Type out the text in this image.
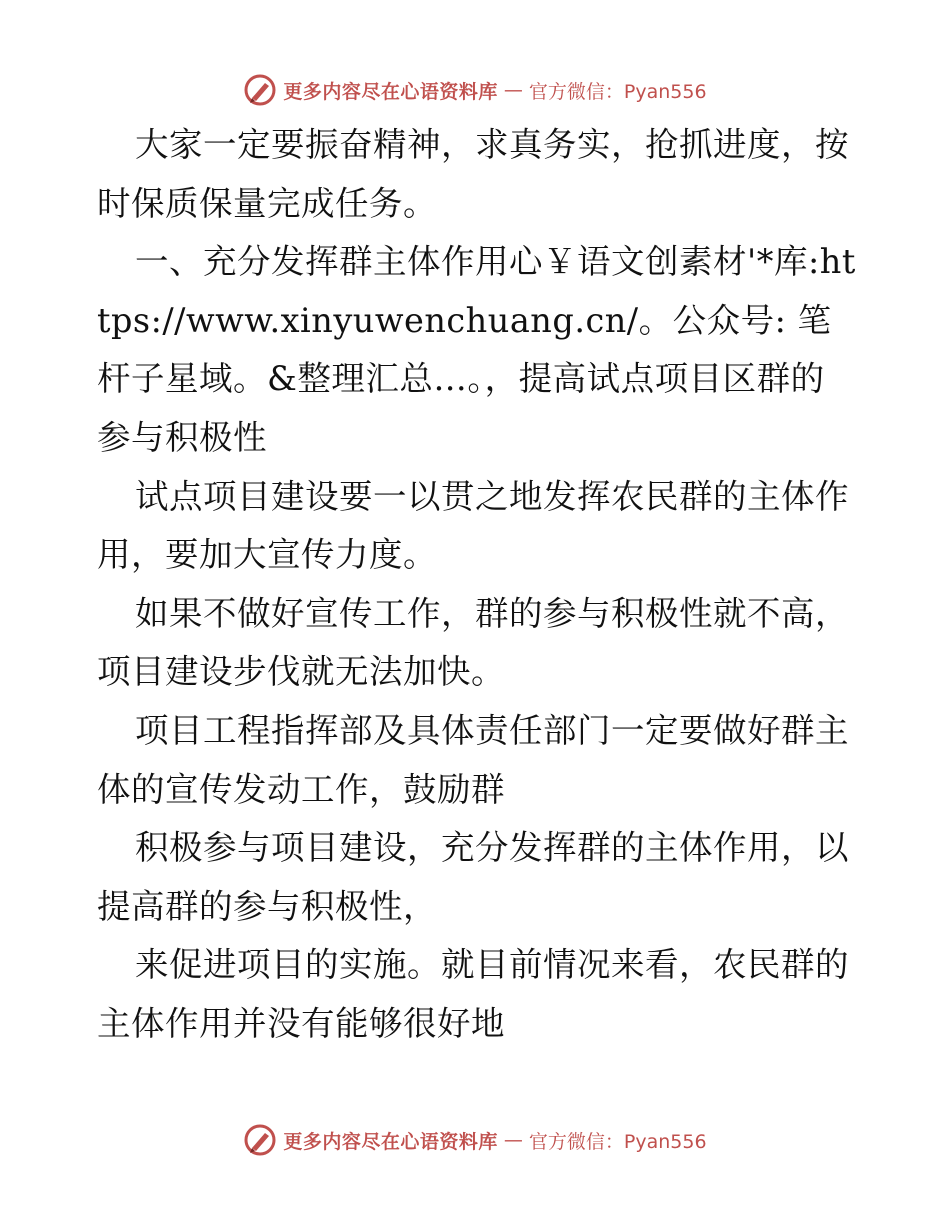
更多内容尽在心语资料库 — 官方微信：Pyan556

大家一定要振奋精神，求真务实，抢抓进度，按时保质保量完成任务。

一、充分发挥群主体作用心￥语文创素材'*库:https://www.xinyuwenchuang.cn/。公众号: 笔杆子星域。&整理汇总…。，提高试点项目区群的参与积极性

试点项目建设要一以贯之地发挥农民群的主体作用，要加大宣传力度。

如果不做好宣传工作，群的参与积极性就不高，项目建设步伐就无法加快。

项目工程指挥部及具体责任部门一定要做好群主体的宣传发动工作，鼓励群

积极参与项目建设，充分发挥群的主体作用，以提高群的参与积极性，

来促进项目的实施。就目前情况来看，农民群的主体作用并没有能够很好地

更多内容尽在心语资料库 — 官方微信：Pyan556
